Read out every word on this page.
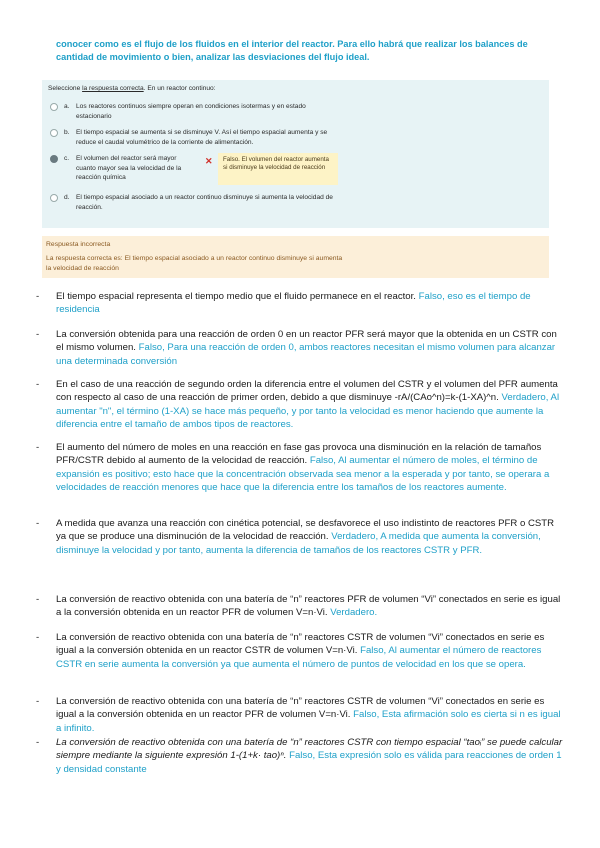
conocer como es el flujo de los fluidos en el interior del reactor. Para ello habrá que realizar los balances de cantidad de movimiento o bien, analizar las desviaciones del flujo ideal.
Seleccione la respuesta correcta. En un reactor continuo:
a. Los reactores continuos siempre operan en condiciones isotermas y en estado estacionario
b. El tiempo espacial se aumenta si se disminuye V. Así el tiempo espacial aumenta y se reduce el caudal volumétrico de la corriente de alimentación.
c.	El volumen del reactor será mayor cuanto mayor sea la velocidad de la reacción química
✕	Falso. El volumen del reactor aumenta si disminuye la velocidad de reacción
d. El tiempo espacial asociado a un reactor continuo disminuye si aumenta la velocidad de reacción.
Respuesta incorrecta
La respuesta correcta es: El tiempo espacial asociado a un reactor continuo disminuye si aumenta la velocidad de reacción
-	El tiempo espacial representa el tiempo medio que el fluido permanece en el reactor. Falso, eso es el tiempo de residencia
-	La conversión obtenida para una reacción de orden 0 en un reactor PFR será mayor que la obtenida en un CSTR con el mismo volumen. Falso, Para una reacción de orden 0, ambos reactores necesitan el mismo volumen para alcanzar una determinada conversión
-	En el caso de una reacción de segundo orden la diferencia entre el volumen del CSTR y el volumen del PFR aumenta con respecto al caso de una reacción de primer orden, debido a que disminuye -rA/(CAo^n)=k-(1-XA)^n. Verdadero, Al aumentar "n", el término (1-XA) se hace más pequeño, y por tanto la velocidad es menor haciendo que aumente la diferencia entre el tamaño de ambos tipos de reactores.
-	El aumento del número de moles en una reacción en fase gas provoca una disminución en la relación de tamaños PFR/CSTR debido al aumento de la velocidad de reacción. Falso, Al aumentar el número de moles, el término de expansión es positivo; esto hace que la concentración observada sea menor a la esperada y por tanto, se operara a velocidades de reacción menores que hace que la diferencia entre los tamaños de los reactores aumente.
-	A medida que avanza una reacción con cinética potencial, se desfavorece el uso indistinto de reactores PFR o CSTR ya que se produce una disminución de la velocidad de reacción. Verdadero, A medida que aumenta la conversión, disminuye la velocidad y por tanto, aumenta la diferencia de tamaños de los reactores CSTR y PFR.
-	La conversión de reactivo obtenida con una batería de “n” reactores PFR de volumen “Vi” conectados en serie es igual a la conversión obtenida en un reactor PFR de volumen V=n·Vi. Verdadero.
-	La conversión de reactivo obtenida con una batería de “n” reactores CSTR de volumen “Vi” conectados en serie es igual a la conversión obtenida en un reactor CSTR de volumen V=n·Vi. Falso, Al aumentar el número de reactores CSTR en serie aumenta la conversión ya que aumenta el número de puntos de velocidad en los que se opera.
-	La conversión de reactivo obtenida con una batería de “n” reactores CSTR de volumen “Vi” conectados en serie es igual a la conversión obtenida en un reactor PFR de volumen V=n·Vi. Falso, Esta afirmación solo es cierta si n es igual a infinito.
-	La conversión de reactivo obtenida con una batería de “n” reactores CSTR con tiempo espacial “taoᵢ” se puede calcular siempre mediante la siguiente expresión 1-(1+k· tao)ⁿ. Falso, Esta expresión solo es válida para reacciones de orden 1 y densidad constante
